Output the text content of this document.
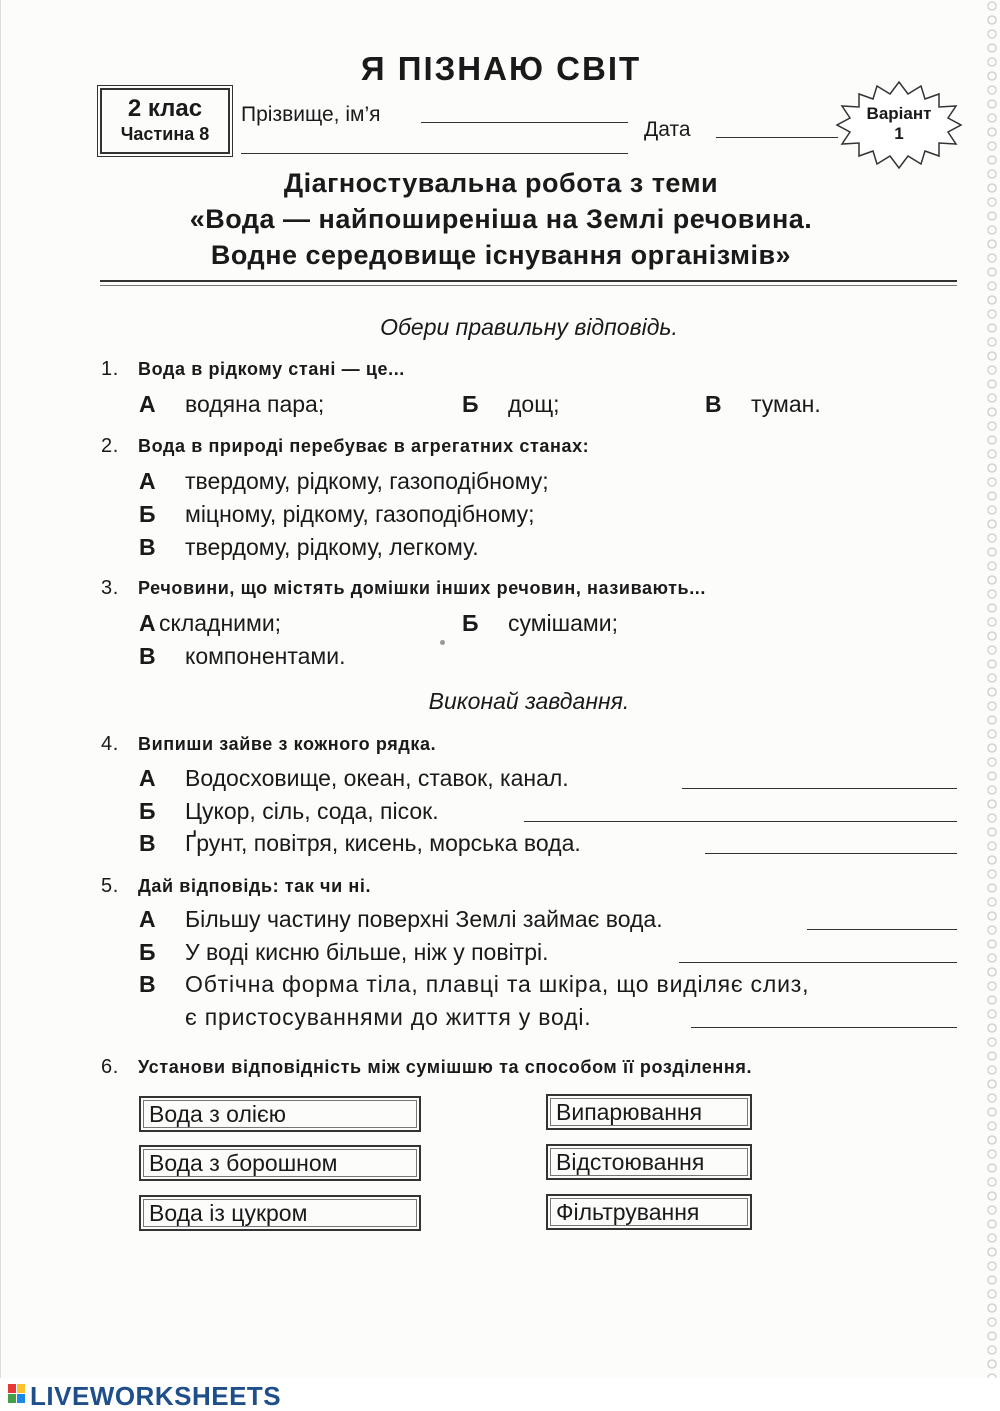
Я ПІЗНАЮ СВІТ
2 клас
Частина 8
Прізвище, ім’я
Дата
Варіант
1
Діагностувальна робота з теми
«Вода — найпоширеніша на Землі речовина.
Водне середовище існування організмів»
Обери правильну відповідь.
1. Вода в рідкому стані — це...
А водяна пара;	Б дощ;	В туман.
2. Вода в природі перебуває в агрегатних станах:
А твердому, рідкому, газоподібному;
Б міцному, рідкому, газоподібному;
В твердому, рідкому, легкому.
3. Речовини, що містять домішки інших речовин, називають...
А складними;	Б сумішами;
В компонентами.
Виконай завдання.
4. Випиши зайве з кожного рядка.
А Водосховище, океан, ставок, канал.
Б Цукор, сіль, сода, пісок.
В Ґрунт, повітря, кисень, морська вода.
5. Дай відповідь: так чи ні.
А Більшу частину поверхні Землі займає вода.
Б У воді кисню більше, ніж у повітрі.
В Обтічна форма тіла, плавці та шкіра, що виділяє слиз,
є пристосуваннями до життя у воді.
6. Установи відповідність між сумішшю та способом її розділення.
Вода з олією
Вода з борошном
Вода із цукром
Випарювання
Відстоювання
Фільтрування
LIVEWORKSHEETS
